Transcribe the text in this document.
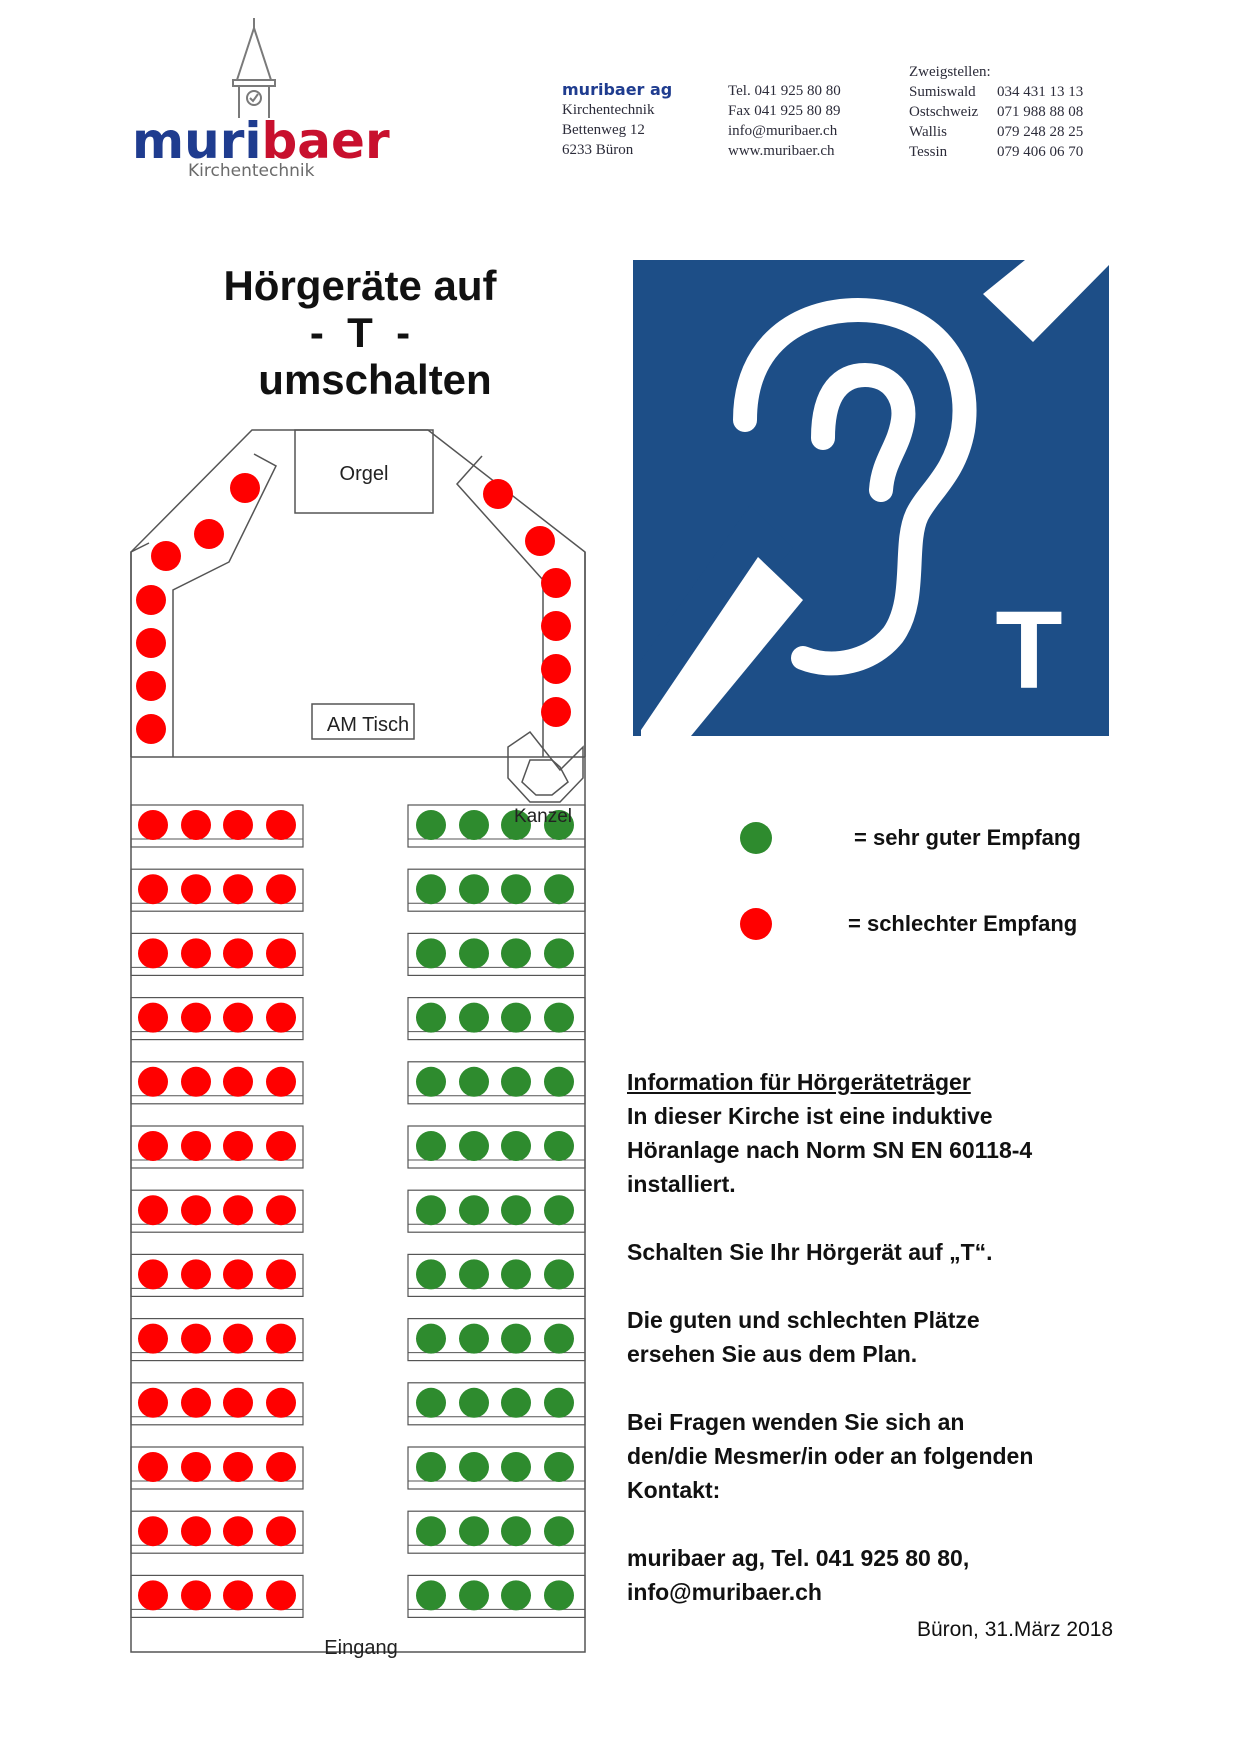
muribaer
Kirchentechnik
muribaer ag
Kirchentechnik
Bettenweg 12
6233 Büron
Tel. 041 925 80 80
Fax 041 925 80 89
info@muribaer.ch
www.muribaer.ch
Zweigstellen:
Sumiswald 034 431 13 13
Ostschweiz 071 988 88 08
Wallis	079 248 28 25
Tessin	079 406 06 70
Hörgeräte auf
-  T  -
umschalten
T
= sehr guter Empfang
= schlechter Empfang
Information für Hörgeräteträger
In dieser Kirche ist eine induktive
Höranlage nach Norm SN EN 60118-4
installiert.
Schalten Sie Ihr Hörgerät auf „T“.
Die guten und schlechten Plätze
ersehen Sie aus dem Plan.
Bei Fragen wenden Sie sich an
den/die Mesmer/in oder an folgenden
Kontakt:
muribaer ag, Tel. 041 925 80 80,
info@muribaer.ch
Büron, 31.März 2018
Orgel
AM Tisch
Kanzel
Eingang
